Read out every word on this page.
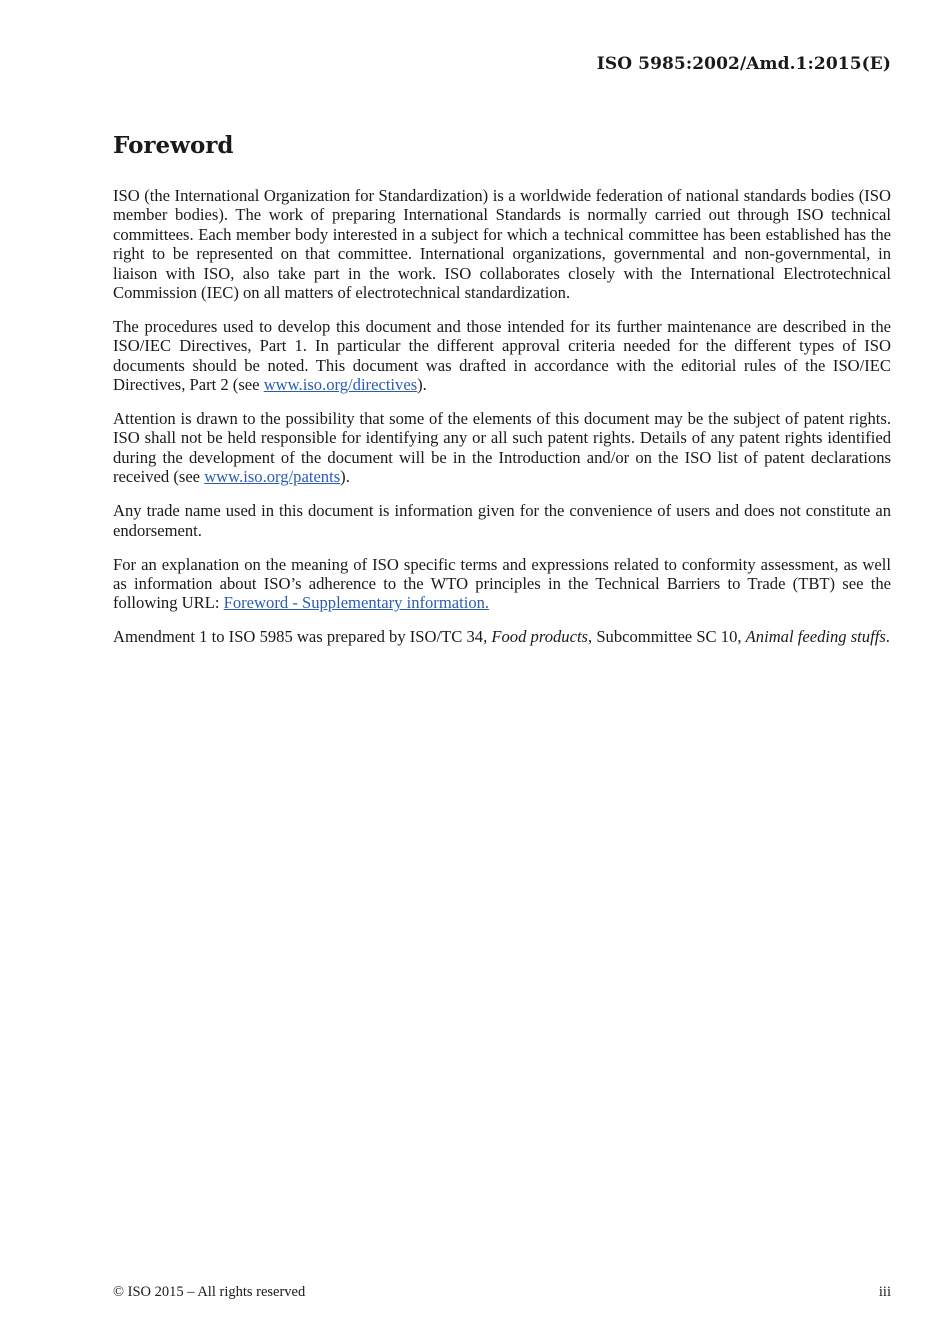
ISO 5985:2002/Amd.1:2015(E)
Foreword

ISO (the International Organization for Standardization) is a worldwide federation of national standards bodies (ISO member bodies). The work of preparing International Standards is normally carried out through ISO technical committees. Each member body interested in a subject for which a technical committee has been established has the right to be represented on that committee. International organizations, governmental and non-governmental, in liaison with ISO, also take part in the work. ISO collaborates closely with the International Electrotechnical Commission (IEC) on all matters of electrotechnical standardization.

The procedures used to develop this document and those intended for its further maintenance are described in the ISO/IEC Directives, Part 1. In particular the different approval criteria needed for the different types of ISO documents should be noted. This document was drafted in accordance with the editorial rules of the ISO/IEC Directives, Part 2 (see www.iso.org/directives).

Attention is drawn to the possibility that some of the elements of this document may be the subject of patent rights. ISO shall not be held responsible for identifying any or all such patent rights. Details of any patent rights identified during the development of the document will be in the Introduction and/or on the ISO list of patent declarations received (see www.iso.org/patents).

Any trade name used in this document is information given for the convenience of users and does not constitute an endorsement.

For an explanation on the meaning of ISO specific terms and expressions related to conformity assessment, as well as information about ISO’s adherence to the WTO principles in the Technical Barriers to Trade (TBT) see the following URL: Foreword - Supplementary information.

Amendment 1 to ISO 5985 was prepared by ISO/TC 34, Food products, Subcommittee SC 10, Animal feeding stuffs.

© ISO 2015 – All rights reserved	iii
